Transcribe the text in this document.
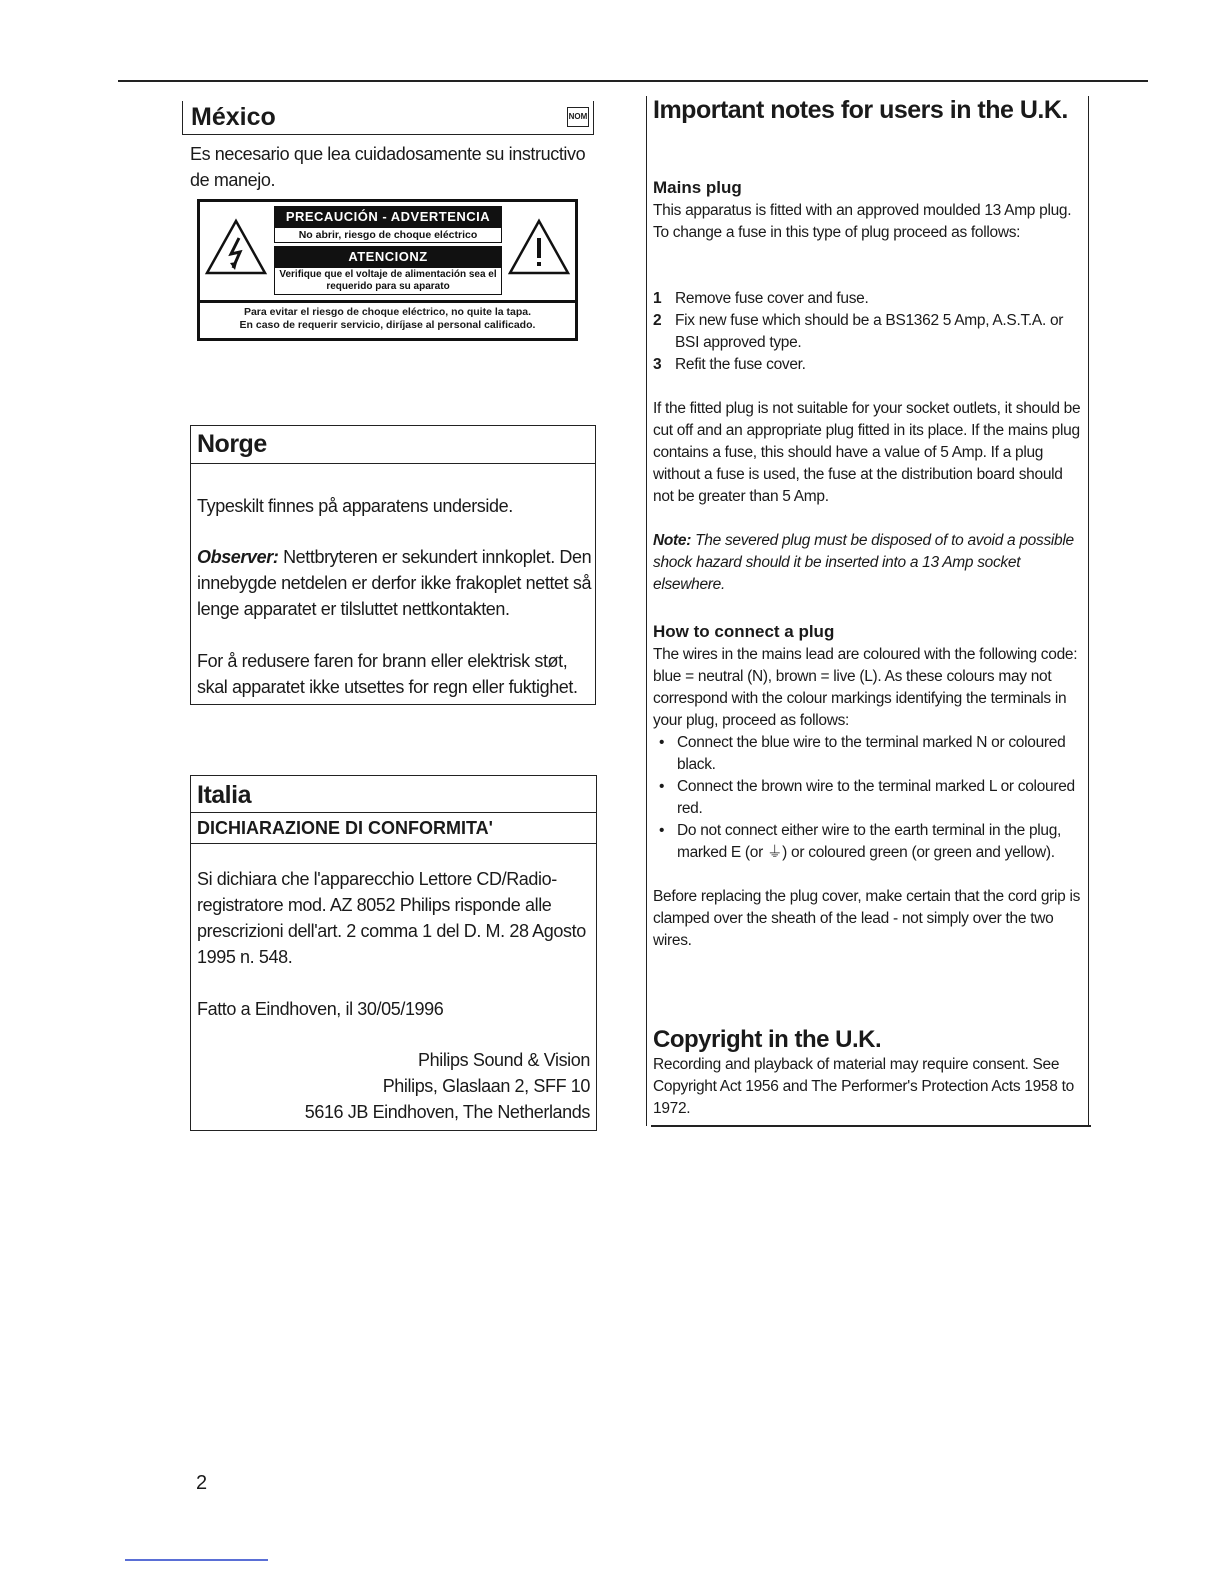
México	NOM
Es necesario que lea cuidadosamente su instructivo de manejo.
PRECAUCIÓN - ADVERTENCIA
No abrir, riesgo de choque eléctrico
ATENCIONZ
Verifique que el voltaje de alimentación sea el requerido para su aparato
Para evitar el riesgo de choque eléctrico, no quite la tapa.
En caso de requerir servicio, diríjase al personal calificado.
Norge
Typeskilt finnes på apparatens underside.
Observer: Nettbryteren er sekundert innkoplet. Den innebygde netdelen er derfor ikke frakoplet nettet så lenge apparatet er tilsluttet nettkontakten.
For å redusere faren for brann eller elektrisk støt, skal apparatet ikke utsettes for regn eller fuktighet.
Italia
DICHIARAZIONE DI CONFORMITA'
Si dichiara che l'apparecchio Lettore CD/Radio-registratore mod. AZ 8052 Philips risponde alle prescrizioni dell'art. 2 comma 1 del D. M. 28 Agosto 1995 n. 548.
Fatto a Eindhoven, il 30/05/1996
Philips Sound & Vision
Philips, Glaslaan 2, SFF 10
5616 JB Eindhoven, The Netherlands
Important notes for users in the U.K.
Mains plug
This apparatus is fitted with an approved moulded 13 Amp plug. To change a fuse in this type of plug proceed as follows:
1 Remove fuse cover and fuse.
2 Fix new fuse which should be a BS1362 5 Amp, A.S.T.A. or BSI approved type.
3 Refit the fuse cover.
If the fitted plug is not suitable for your socket outlets, it should be cut off and an appropriate plug fitted in its place. If the mains plug contains a fuse, this should have a value of 5 Amp. If a plug without a fuse is used, the fuse at the distribution board should not be greater than 5 Amp.
Note: The severed plug must be disposed of to avoid a possible shock hazard should it be inserted into a 13 Amp socket elsewhere.
How to connect a plug
The wires in the mains lead are coloured with the following code: blue = neutral (N), brown = live (L). As these colours may not correspond with the colour markings identifying the terminals in your plug, proceed as follows:
• Connect the blue wire to the terminal marked N or coloured black.
• Connect the brown wire to the terminal marked L or coloured red.
• Do not connect either wire to the earth terminal in the plug, marked E (or ⏚) or coloured green (or green and yellow).
Before replacing the plug cover, make certain that the cord grip is clamped over the sheath of the lead - not simply over the two wires.
Copyright in the U.K.
Recording and playback of material may require consent. See Copyright Act 1956 and The Performer's Protection Acts 1958 to 1972.
2
